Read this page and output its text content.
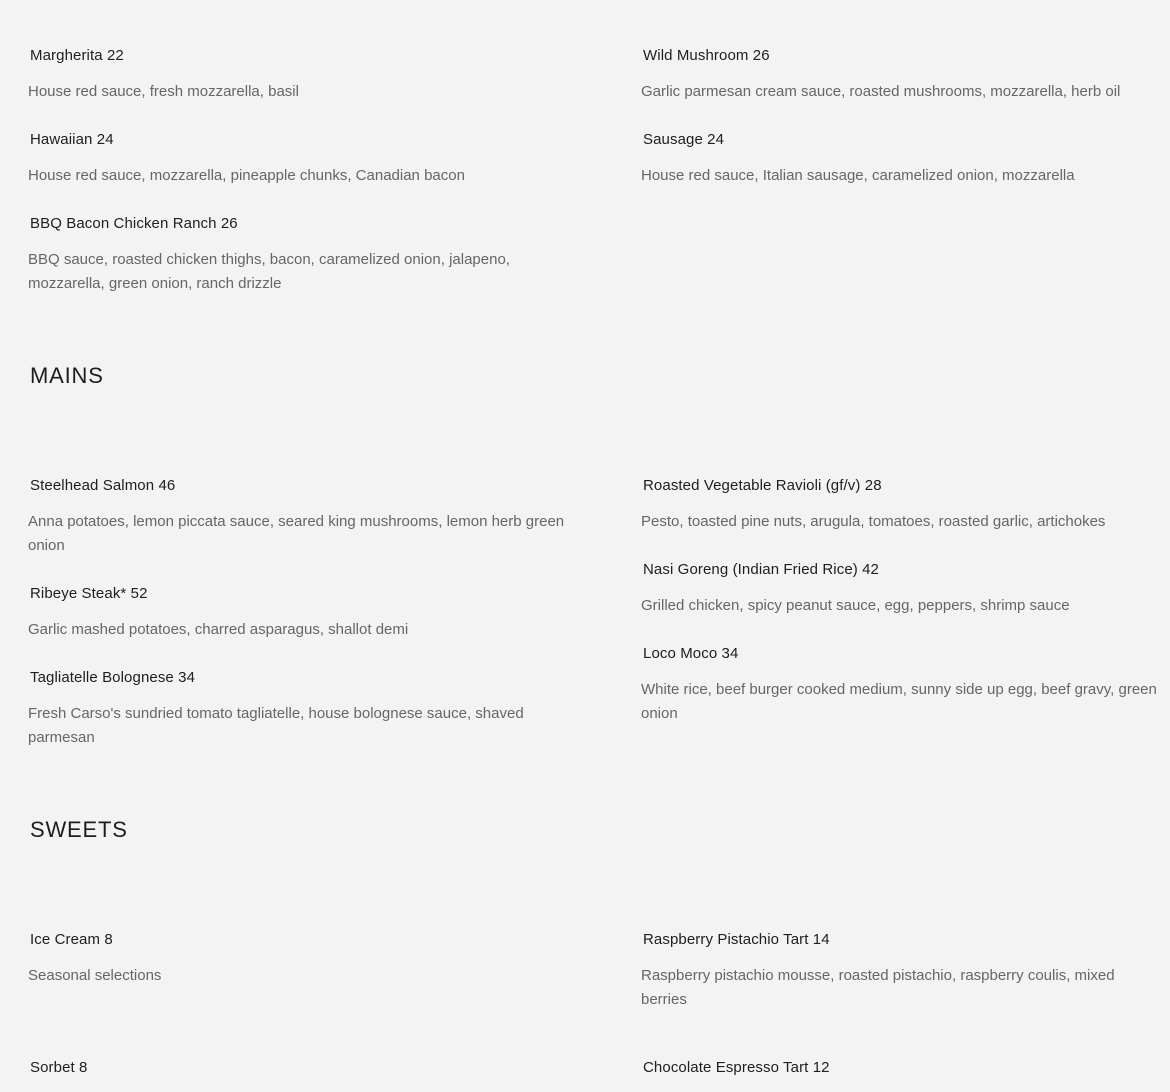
Margherita 22

House red sauce, fresh mozzarella, basil

Hawaiian 24

House red sauce, mozzarella, pineapple chunks, Canadian bacon

BBQ Bacon Chicken Ranch 26

BBQ sauce, roasted chicken thighs, bacon, caramelized onion, jalapeno, mozzarella, green onion, ranch drizzle

Wild Mushroom 26

Garlic parmesan cream sauce, roasted mushrooms, mozzarella, herb oil

Sausage 24

House red sauce, Italian sausage, caramelized onion, mozzarella

MAINS

Steelhead Salmon 46

Anna potatoes, lemon piccata sauce, seared king mushrooms, lemon herb green onion

Ribeye Steak* 52

Garlic mashed potatoes, charred asparagus, shallot demi

Tagliatelle Bolognese 34

Fresh Carso's sundried tomato tagliatelle, house bolognese sauce, shaved parmesan

Roasted Vegetable Ravioli (gf/v) 28

Pesto, toasted pine nuts, arugula, tomatoes, roasted garlic, artichokes

Nasi Goreng (Indian Fried Rice) 42

Grilled chicken, spicy peanut sauce, egg, peppers, shrimp sauce

Loco Moco 34

White rice, beef burger cooked medium, sunny side up egg, beef gravy, green onion

SWEETS

Ice Cream 8

Seasonal selections

Sorbet 8

Raspberry Pistachio Tart 14

Raspberry pistachio mousse, roasted pistachio, raspberry coulis, mixed berries

Chocolate Espresso Tart 12
